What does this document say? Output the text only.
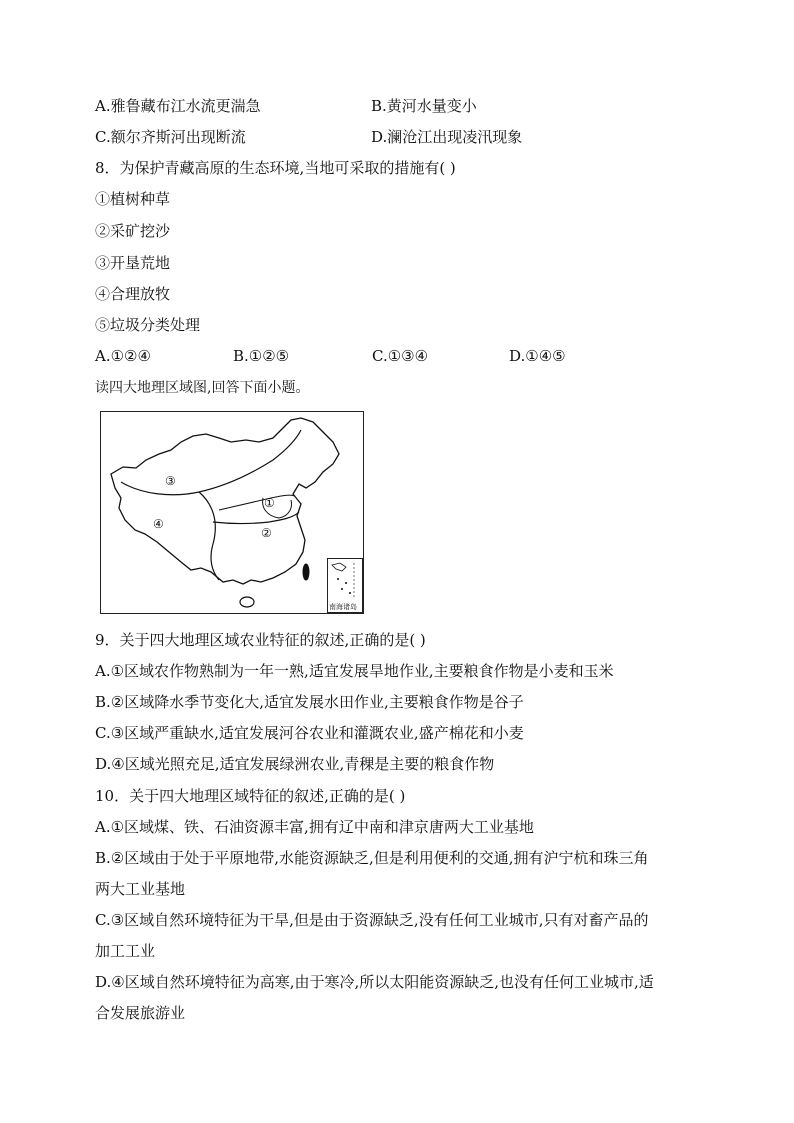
A.雅鲁藏布江水流更湍急	B.黄河水量变小
C.额尔齐斯河出现断流	D.澜沧江出现凌汛现象
8．为保护青藏高原的生态环境,当地可采取的措施有( )
①植树种草
②采矿挖沙
③开垦荒地
④合理放牧
⑤垃圾分类处理
A.①②④	B.①②⑤	C.①③④	D.①④⑤
读四大地理区域图,回答下面小题。
③
①
④
②
南海诸岛
9．关于四大地理区域农业特征的叙述,正确的是( )
A.①区域农作物熟制为一年一熟,适宜发展旱地作业,主要粮食作物是小麦和玉米
B.②区域降水季节变化大,适宜发展水田作业,主要粮食作物是谷子
C.③区域严重缺水,适宜发展河谷农业和灌溉农业,盛产棉花和小麦
D.④区域光照充足,适宜发展绿洲农业,青稞是主要的粮食作物
10．关于四大地理区域特征的叙述,正确的是( )
A.①区域煤、铁、石油资源丰富,拥有辽中南和津京唐两大工业基地
B.②区域由于处于平原地带,水能资源缺乏,但是利用便利的交通,拥有沪宁杭和珠三角
两大工业基地
C.③区域自然环境特征为干旱,但是由于资源缺乏,没有任何工业城市,只有对畜产品的
加工工业
D.④区域自然环境特征为高寒,由于寒冷,所以太阳能资源缺乏,也没有任何工业城市,适
合发展旅游业
